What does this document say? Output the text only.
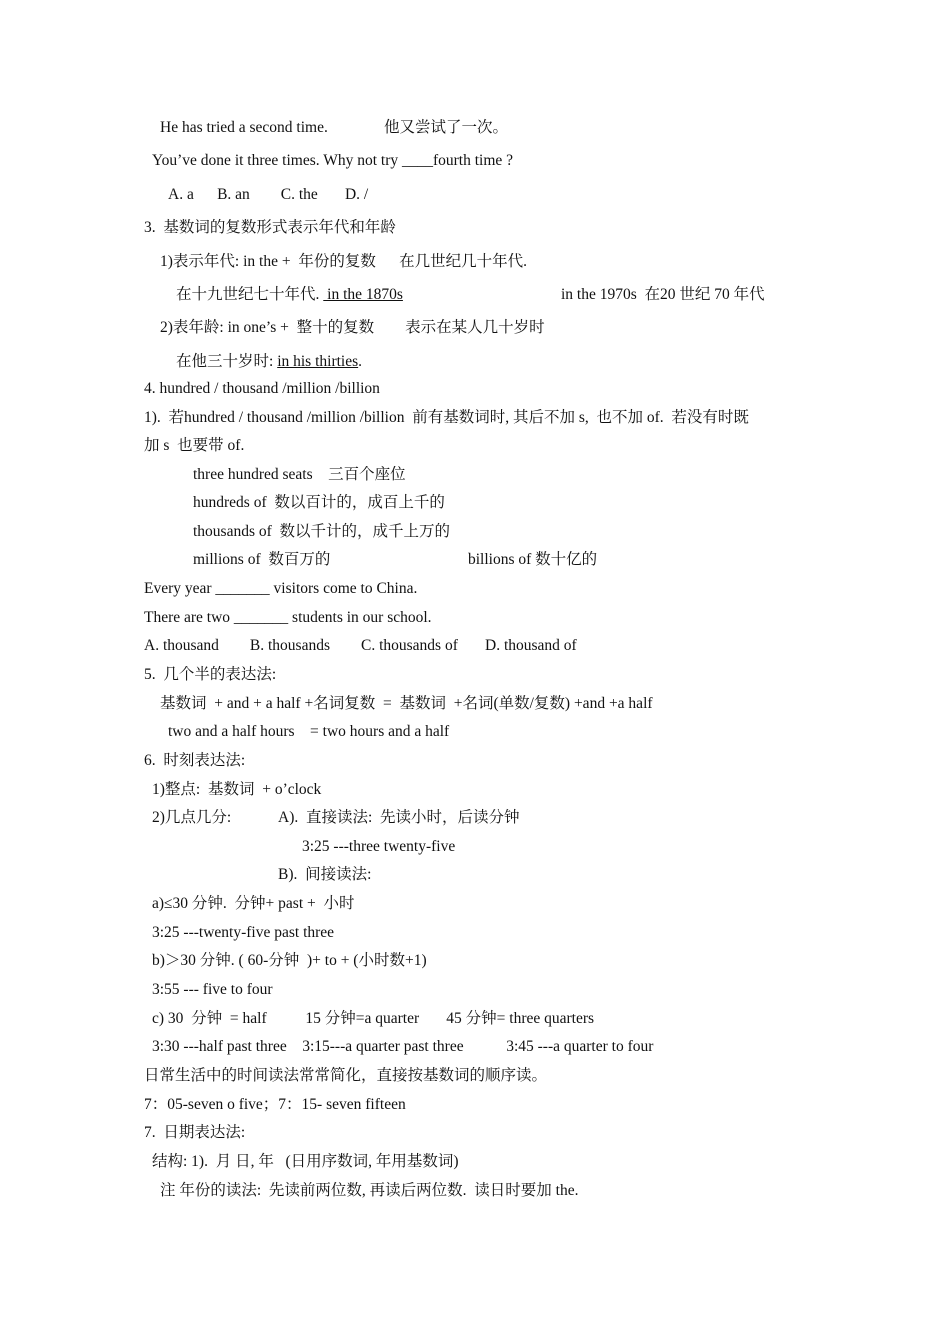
He has tried a second time.	他又尝试了一次。
You’ve done it three times. Why not try ____fourth time ?
A. a      B. an        C. the       D. /
3.  基数词的复数形式表示年代和年龄
1)表示年代: in the +  年份的复数      在几世纪几十年代.
在十九世纪七十年代.  in the 1870s	in the 1970s  在20 世纪 70 年代
2)表年龄: in one’s +  整十的复数        表示在某人几十岁时
在他三十岁时: in his thirties.
4. hundred / thousand /million /billion
1).  若hundred / thousand /million /billion  前有基数词时, 其后不加 s,  也不加 of.  若没有时既
加 s  也要带 of.
three hundred seats    三百个座位
hundreds of  数以百计的，成百上千的
thousands of  数以千计的，成千上万的
millions of  数百万的	billions of 数十亿的
Every year _______ visitors come to China.
There are two _______ students in our school.
A. thousand        B. thousands        C. thousands of       D. thousand of
5.  几个半的表达法:
基数词  + and + a half +名词复数  =  基数词  +名词(单数/复数) +and +a half
two and a half hours    = two hours and a half
6.  时刻表达法:
1)整点:  基数词  + o’clock
2)几点几分:	A).  直接读法:  先读小时，后读分钟
3:25 ---three twenty-five
B).  间接读法:
a)≤30 分钟.  分钟+ past +  小时
3:25 ---twenty-five past three
b)＞30 分钟. ( 60-分钟  )+ to + (小时数+1)
3:55 --- five to four
c) 30  分钟  = half          15 分钟=a quarter       45 分钟= three quarters
3:30 ---half past three    3:15---a quarter past three           3:45 ---a quarter to four
日常生活中的时间读法常常简化，直接按基数词的顺序读。
7：05-seven o five；7：15- seven fifteen
7.  日期表达法:
结构: 1).  月 日, 年   (日用序数词, 年用基数词)
注 年份的读法:  先读前两位数, 再读后两位数.  读日时要加 the.
